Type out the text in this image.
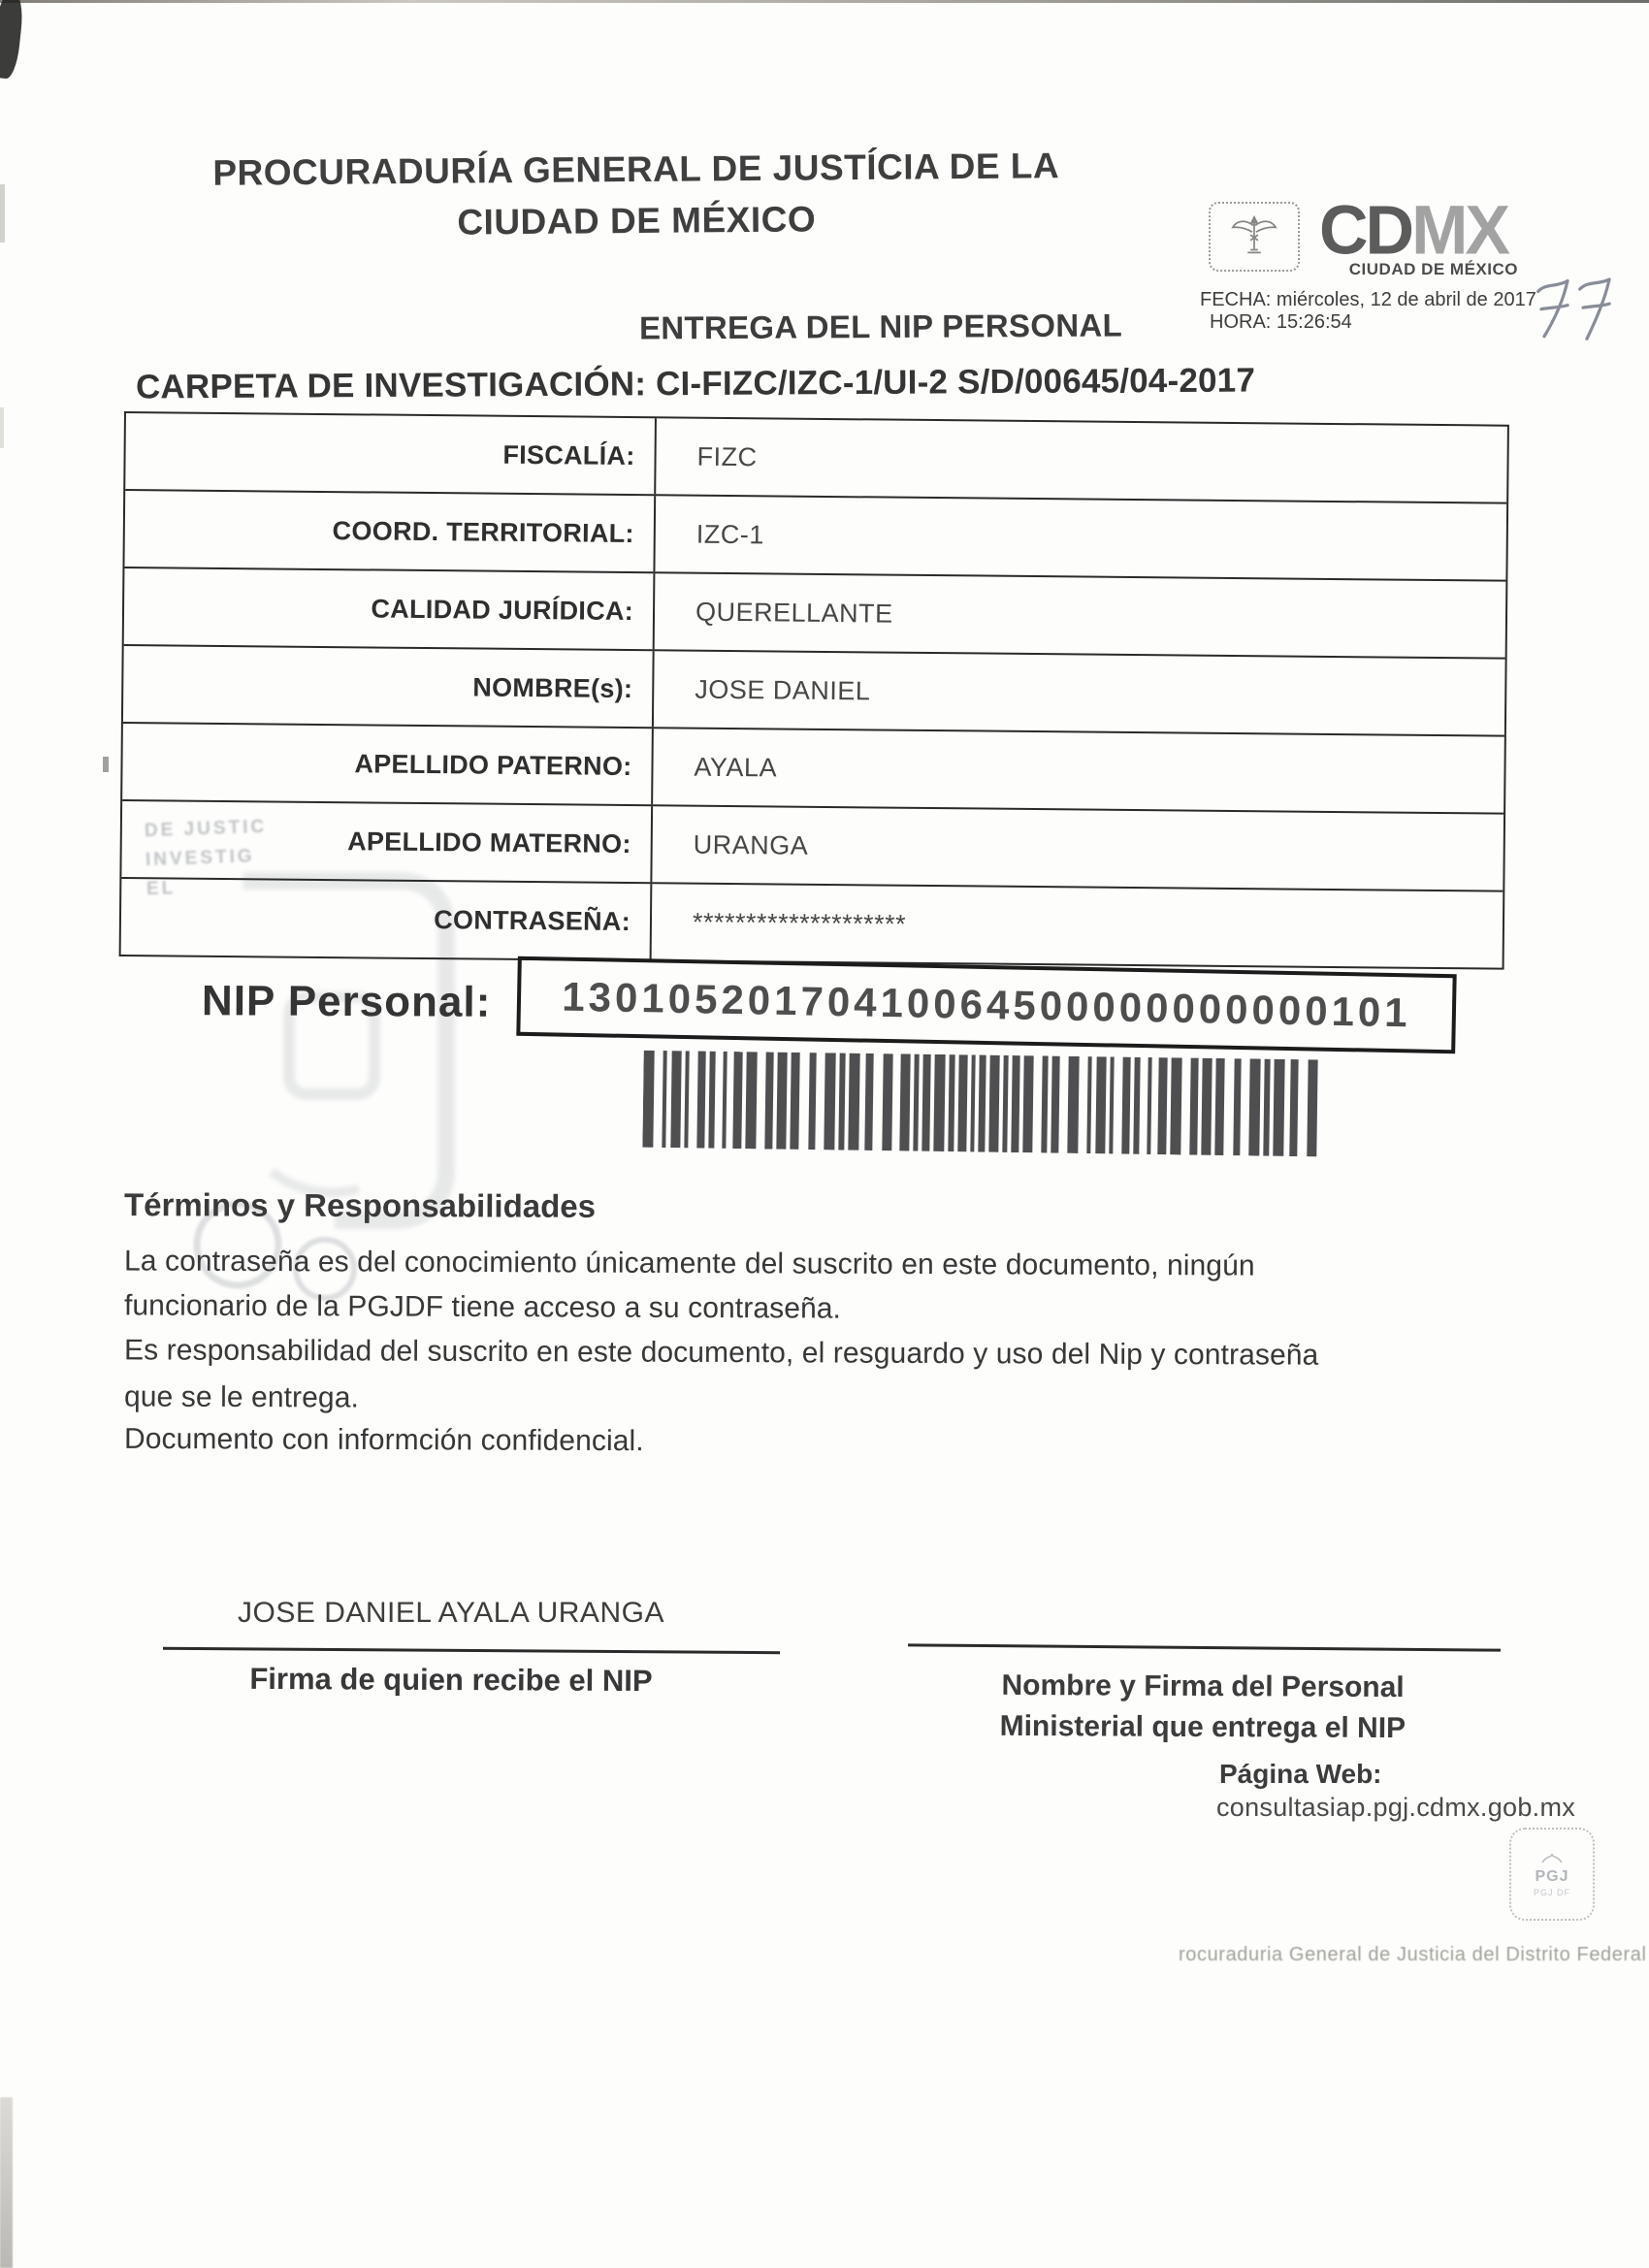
DE JUSTIC
INVESTIG
EL
PROCURADURÍA GENERAL DE JUSTÍCIA DE LA
CIUDAD DE MÉXICO	CDMX
CIUDAD DE MÉXICO
FECHA: miércoles, 12 de abril de 2017
HORA: 15:26:54
ENTREGA DEL NIP PERSONAL
CARPETA DE INVESTIGACIÓN: CI-FIZC/IZC-1/UI-2 S/D/00645/04-2017
FISCALÍA:	FIZC
COORD. TERRITORIAL:	IZC-1
CALIDAD JURÍDICA:	QUERELLANTE
NOMBRE(s):	JOSE DANIEL
APELLIDO PATERNO:	AYALA
APELLIDO MATERNO:	URANGA
CONTRASEÑA:	********************
NIP Personal: 13010520170410064500000000000101
Términos y Responsabilidades
La contraseña es del conocimiento únicamente del suscrito en este documento, ningún
funcionario de la PGJDF tiene acceso a su contraseña.
Es responsabilidad del suscrito en este documento, el resguardo y uso del Nip y contraseña
que se le entrega.
Documento con informción confidencial.
JOSE DANIEL AYALA URANGA
Firma de quien recibe el NIP	Nombre y Firma del Personal
Ministerial que entrega el NIP
Página Web:
consultasiap.pgj.cdmx.gob.mx
PGJ
PGJ DF
rocuraduria General de Justicia del Distrito Federal
